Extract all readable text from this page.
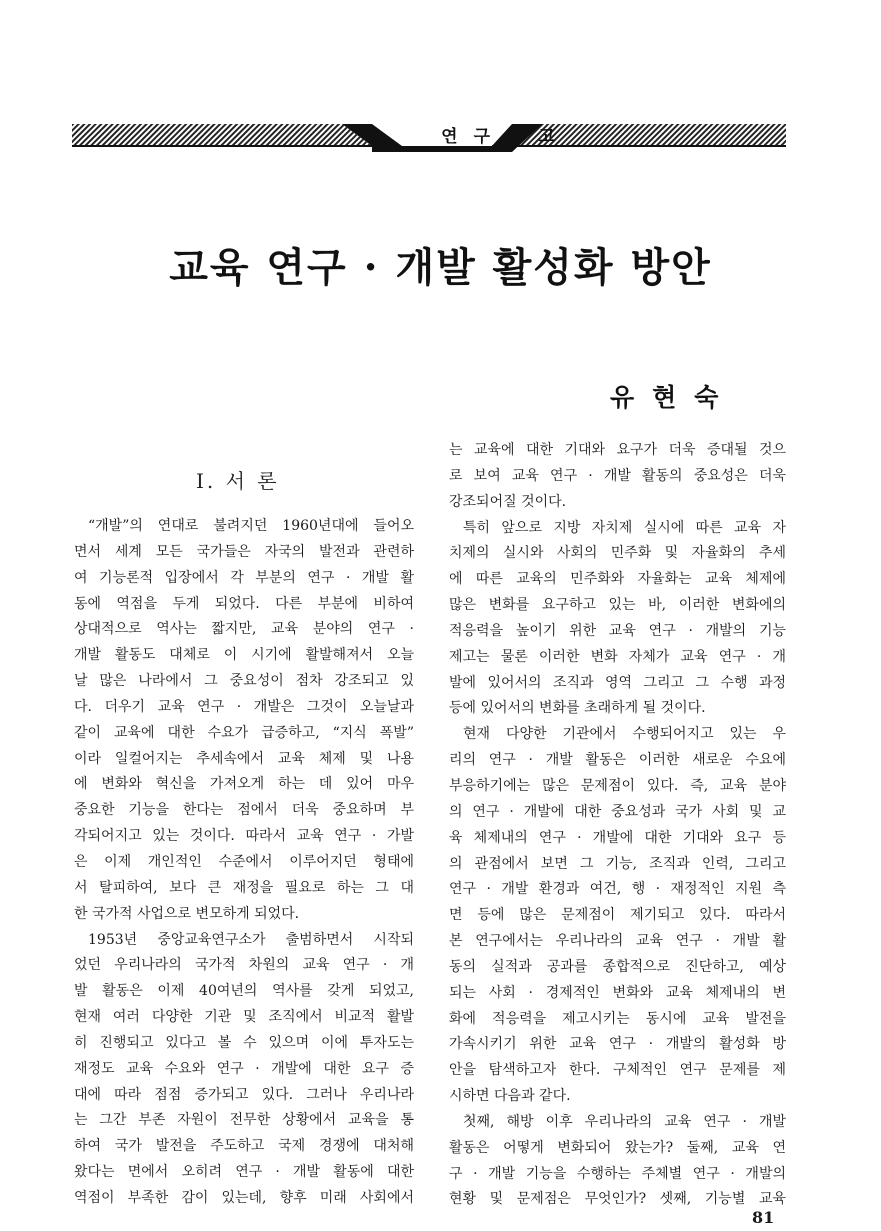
연구보고
교육 연구 · 개발 활성화 방안
유현숙
Ⅰ. 서 론

“개발”의 연대로 불려지던 1960년대에 들어오

면서 세계 모든 국가들은 자국의 발전과 관련하

여 기능론적 입장에서 각 부분의 연구 · 개발 활

동에 역점을 두게 되었다. 다른 부분에 비하여

상대적으로 역사는 짧지만, 교육 분야의 연구 ·

개발 활동도 대체로 이 시기에 활발해져서 오늘

날 많은 나라에서 그 중요성이 점차 강조되고 있

다. 더우기 교육 연구 · 개발은 그것이 오늘날과

같이 교육에 대한 수요가 급증하고, “지식 폭발”

이라 일컬어지는 추세속에서 교육 체제 및 나용

에 변화와 혁신을 가져오게 하는 데 있어 마우

중요한 기능을 한다는 점에서 더욱 중요하며 부

각되어지고 있는 것이다. 따라서 교육 연구 · 가발

은 이제 개인적인 수준에서 이루어지던 형태에

서 탈피하여, 보다 큰 재정을 필요로 하는 그 대

한 국가적 사업으로 변모하게 되었다.

1953년 중앙교육연구소가 출범하면서 시작되

었던 우리나라의 국가적 차원의 교육 연구 · 개

발 활동은 이제 40여년의 역사를 갖게 되었고,

현재 여러 다양한 기관 및 조직에서 비교적 활발

히 진행되고 있다고 볼 수 있으며 이에 투자도는

재정도 교육 수요와 연구 · 개발에 대한 요구 증

대에 따라 점점 증가되고 있다. 그러나 우리나라

는 그간 부존 자원이 전무한 상황에서 교육을 통

하여 국가 발전을 주도하고 국제 경쟁에 대처해

왔다는 면에서 오히려 연구 · 개발 활동에 대한

역점이 부족한 감이 있는데, 향후 미래 사회에서

는 교육에 대한 기대와 요구가 더욱 증대될 것으

로 보여 교육 연구 · 개발 활동의 중요성은 더욱

강조되어질 것이다.

특히 앞으로 지방 자치제 실시에 따른 교육 자

치제의 실시와 사회의 민주화 및 자율화의 추세

에 따른 교육의 민주화와 자율화는 교육 체제에

많은 변화를 요구하고 있는 바, 이러한 변화에의

적응력을 높이기 위한 교육 연구 · 개발의 기능

제고는 물론 이러한 변화 자체가 교육 연구 · 개

발에 있어서의 조직과 영역 그리고 그 수행 과정

등에 있어서의 변화를 초래하게 될 것이다.

현재 다양한 기관에서 수행되어지고 있는 우

리의 연구 · 개발 활동은 이러한 새로운 수요에

부응하기에는 많은 문제점이 있다. 즉, 교육 분야

의 연구 · 개발에 대한 중요성과 국가 사회 및 교

육 체제내의 연구 · 개발에 대한 기대와 요구 등

의 관점에서 보면 그 기능, 조직과 인력, 그리고

연구 · 개발 환경과 여건, 행 · 재정적인 지원 측

면 등에 많은 문제점이 제기되고 있다. 따라서

본 연구에서는 우리나라의 교육 연구 · 개발 활

동의 실적과 공과를 종합적으로 진단하고, 예상

되는 사회 · 경제적인 변화와 교육 체제내의 변

화에 적응력을 제고시키는 동시에 교육 발전을

가속시키기 위한 교육 연구 · 개발의 활성화 방

안을 탐색하고자 한다. 구체적인 연구 문제를 제

시하면 다음과 같다.

첫째, 해방 이후 우리나라의 교육 연구 · 개발

활동은 어떻게 변화되어 왔는가? 둘째, 교육 연

구 · 개발 기능을 수행하는 주체별 연구 · 개발의

현황 및 문제점은 무엇인가? 셋째, 기능별 교육

81
